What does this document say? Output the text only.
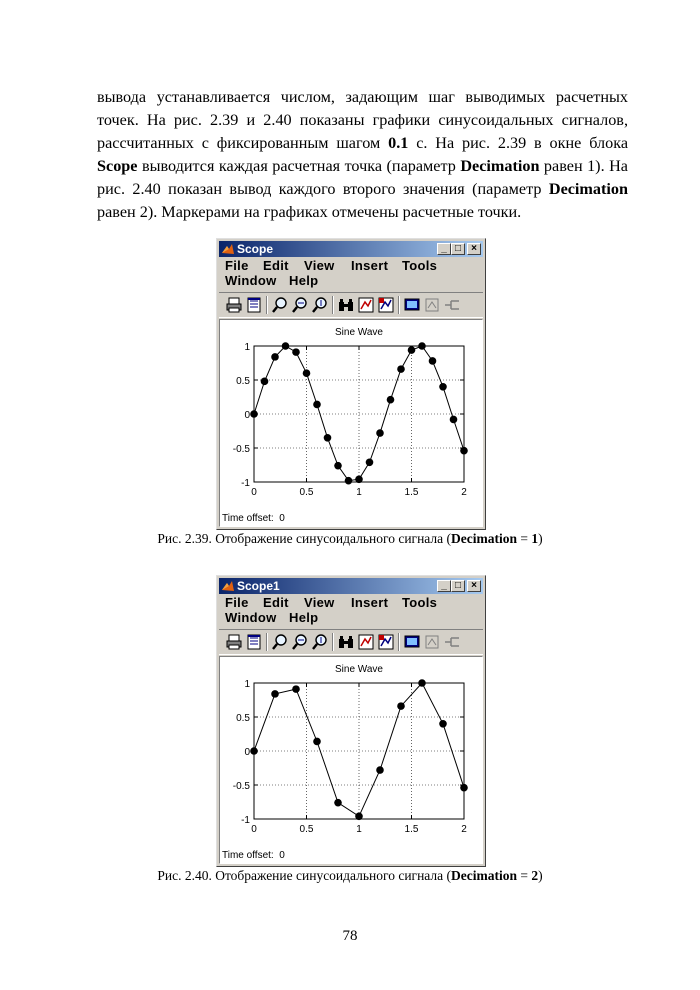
вывода устанавливается числом, задающим шаг выводимых расчетных точек. На рис. 2.39 и 2.40 показаны графики синусоидальных сигналов, рассчитанных с фиксированным шагом 0.1 с. На рис. 2.39 в окне блока Scope выводится каждая расчетная точка (параметр Decimation равен 1). На рис. 2.40 показан вывод каждого второго значения (параметр Decimation равен 2). Маркерами на графиках отмечены расчетные точки.
Scope	_ □	×
File Edit View Insert Tools
Window Help
Sine Wave
0	0.5	1	1.5	2
1
0.5
0
-0.5
-1
Time offset: 0
Рис. 2.39. Отображение синусоидального сигнала (Decimation = 1)
Scope1	_ □	×
File Edit View Insert Tools
Window Help
Sine Wave
0	0.5	1	1.5	2
1
0.5
0
-0.5
-1
Time offset: 0
Рис. 2.40. Отображение синусоидального сигнала (Decimation = 2)
78
